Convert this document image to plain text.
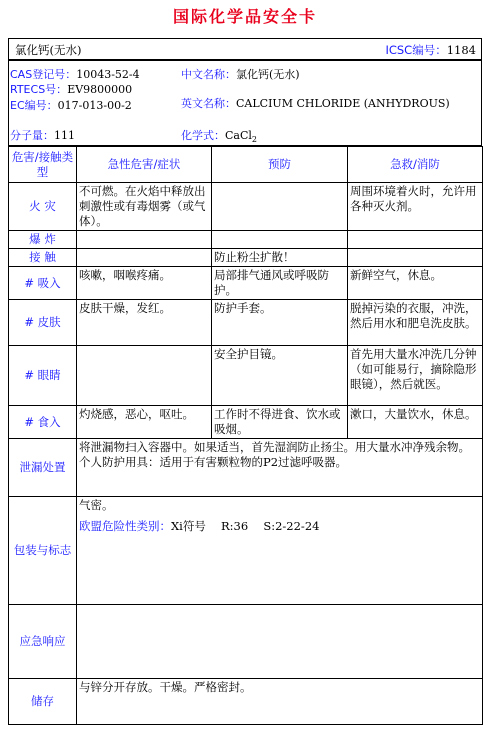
国际化学品安全卡
氯化钙(无水)	ICSC编号：1184
CAS登记号：10043-52-4
RTECS号：EV9800000
EC编号：017-013-00-2
中文名称：氯化钙(无水)
英文名称：CALCIUM CHLORIDE (ANHYDROUS)
分子量：111	化学式：CaCl$_2$
危害/接触类型	急性危害/症状	预防	急救/消防
火 灾	不可燃。在火焰中释放出刺激性或有毒烟雾（或气体）。		周围环境着火时，允许用各种灭火剂。
爆 炸			
接 触		防止粉尘扩散！	
# 吸入	咳嗽，咽喉疼痛。	局部排气通风或呼吸防护。	新鲜空气，休息。
# 皮肤	皮肤干燥，发红。	防护手套。	脱掉污染的衣服，冲洗，然后用水和肥皂洗皮肤。
# 眼睛		安全护目镜。	首先用大量水冲洗几分钟（如可能易行，摘除隐形眼镜），然后就医。
# 食入	灼烧感，恶心，呕吐。	工作时不得进食、饮水或吸烟。	漱口，大量饮水，休息。
泄漏处置	将泄漏物扫入容器中。如果适当，首先湿润防止扬尘。用大量水冲净残余物。个人防护用具：适用于有害颗粒物的P2过滤呼吸器。		
包装与标志	气密。
欧盟危险性类别：Xi符号　 R:36　 S:2-22-24		

应急响应			
储存	与锌分开存放。干燥。严格密封。		
